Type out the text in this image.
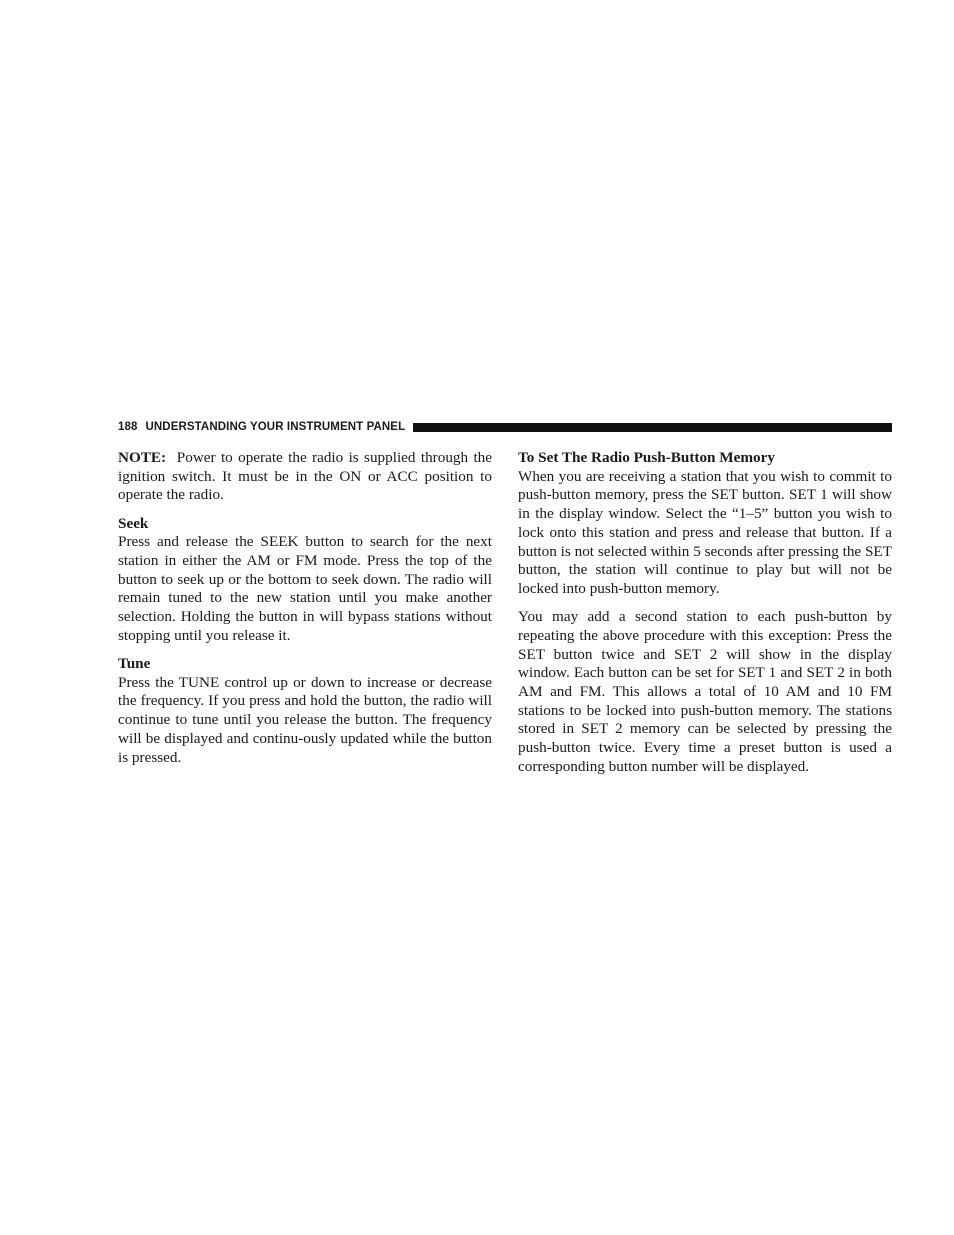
188 UNDERSTANDING YOUR INSTRUMENT PANEL

NOTE: Power to operate the radio is supplied through the ignition switch. It must be in the ON or ACC position to operate the radio.

Seek

Press and release the SEEK button to search for the next station in either the AM or FM mode. Press the top of the button to seek up or the bottom to seek down. The radio will remain tuned to the new station until you make another selection. Holding the button in will bypass stations without stopping until you release it.

Tune

Press the TUNE control up or down to increase or decrease the frequency. If you press and hold the button, the radio will continue to tune until you release the button. The frequency will be displayed and continu-ously updated while the button is pressed.

To Set The Radio Push-Button Memory

When you are receiving a station that you wish to commit to push-button memory, press the SET button. SET 1 will show in the display window. Select the “1–5” button you wish to lock onto this station and press and release that button. If a button is not selected within 5 seconds after pressing the SET button, the station will continue to play but will not be locked into push-button memory.

You may add a second station to each push-button by repeating the above procedure with this exception: Press the SET button twice and SET 2 will show in the display window. Each button can be set for SET 1 and SET 2 in both AM and FM. This allows a total of 10 AM and 10 FM stations to be locked into push-button memory. The stations stored in SET 2 memory can be selected by pressing the push-button twice. Every time a preset button is used a corresponding button number will be displayed.
